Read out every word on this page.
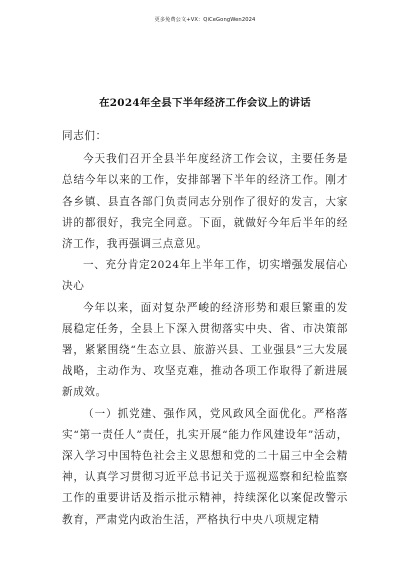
更多免费公文+VX：QiCeGongWen2024
在2024年全县下半年经济工作会议上的讲话

同志们：

今天我们召开全县半年度经济工作会议，主要任务是总结今年以来的工作，安排部署下半年的经济工作。刚才各乡镇、县直各部门负责同志分别作了很好的发言，大家讲的都很好，我完全同意。下面，就做好今年后半年的经济工作，我再强调三点意见。

一、充分肯定2024年上半年工作，切实增强发展信心决心

今年以来，面对复杂严峻的经济形势和艰巨繁重的发展稳定任务，全县上下深入贯彻落实中央、省、市决策部署，紧紧围绕“生态立县、旅游兴县、工业强县”三大发展战略，主动作为、攻坚克难，推动各项工作取得了新进展新成效。

（一）抓党建、强作风，党风政风全面优化。严格落实“第一责任人”责任，扎实开展“能力作风建设年”活动，深入学习中国特色社会主义思想和党的二十届三中全会精神，认真学习贯彻习近平总书记关于巡视巡察和纪检监察工作的重要讲话及指示批示精神，持续深化以案促改警示教育，严肃党内政治生活，严格执行中央八项规定精
